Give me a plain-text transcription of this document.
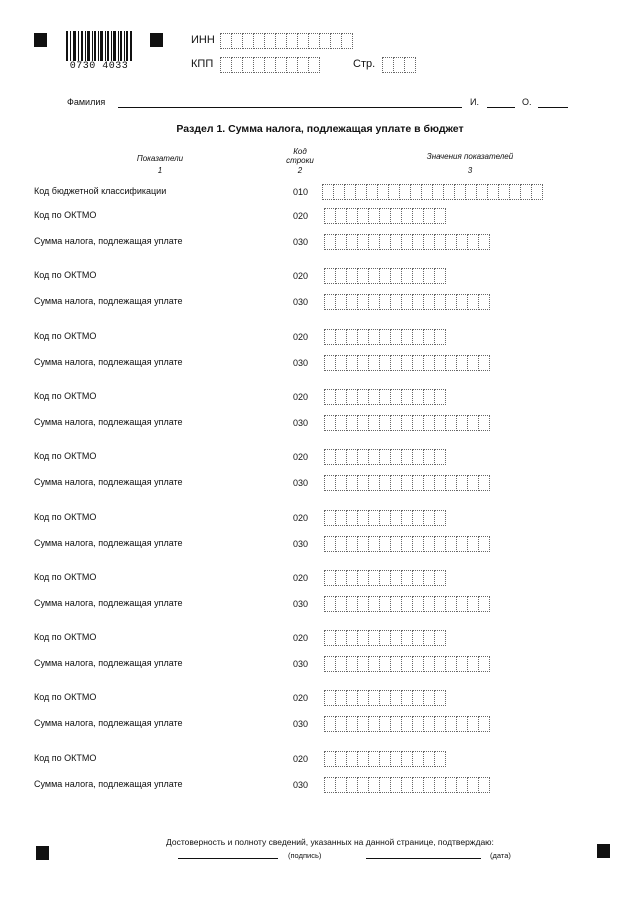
0730 4033
ИНН
КПП	Стр.
Фамилия	И.	О.
Раздел 1. Сумма налога, подлежащая уплате в бюджет
Показатели
1
Код
строки
2
Значения показателей
3
Код бюджетной классификации	010
Код по ОКТМО	020
Сумма налога, подлежащая уплате	030
Код по ОКТМО	020
Сумма налога, подлежащая уплате	030
Код по ОКТМО	020
Сумма налога, подлежащая уплате	030
Код по ОКТМО	020
Сумма налога, подлежащая уплате	030
Код по ОКТМО	020
Сумма налога, подлежащая уплате	030
Код по ОКТМО	020
Сумма налога, подлежащая уплате	030
Код по ОКТМО	020
Сумма налога, подлежащая уплате	030
Код по ОКТМО	020
Сумма налога, подлежащая уплате	030
Код по ОКТМО	020
Сумма налога, подлежащая уплате	030
Код по ОКТМО	020
Сумма налога, подлежащая уплате	030
Достоверность и полноту сведений, указанных на данной странице, подтверждаю:
(подпись)	(дата)
